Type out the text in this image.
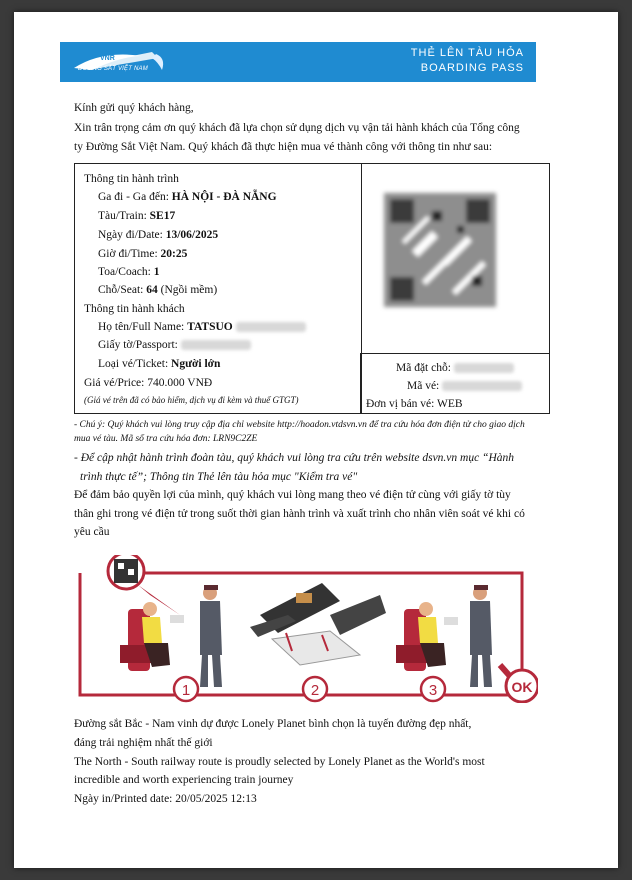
VNR
ĐƯỜNG SẮT VIỆT NAM
THẺ LÊN TÀU HỎA
BOARDING PASS
Kính gửi quý khách hàng,
Xin trân trọng cảm ơn quý khách đã lựa chọn sử dụng dịch vụ vận tải hành khách của Tổng công
ty Đường Sắt Việt Nam. Quý khách đã thực hiện mua vé thành công với thông tin như sau:
Thông tin hành trình
Ga đi - Ga đến: HÀ NỘI - ĐÀ NẴNG
Tàu/Train: SE17
Ngày đi/Date: 13/06/2025
Giờ đi/Time: 20:25
Toa/Coach: 1
Chỗ/Seat: 64 (Ngồi mềm)
Thông tin hành khách
Họ tên/Full Name: TATSUO
Giấy tờ/Passport:
Loại vé/Ticket: Người lớn
Giá vé/Price: 740.000 VNĐ
(Giá vé trên đã có bảo hiểm, dịch vụ đi kèm và thuế GTGT)
Mã đặt chỗ:
Mã vé:
Đơn vị bán vé: WEB
- Chú ý: Quý khách vui lòng truy cập địa chỉ website http://hoadon.vtdsvn.vn để tra cứu hóa đơn điện tử cho giao dịch
mua vé tàu. Mã số tra cứu hóa đơn: LRN9C2ZE
- Để cập nhật hành trình đoàn tàu, quý khách vui lòng tra cứu trên website dsvn.vn mục “Hành
trình thực tế”; Thông tin Thẻ lên tàu hỏa mục "Kiểm tra vé"
Để đảm bảo quyền lợi của mình, quý khách vui lòng mang theo vé điện tử cùng với giấy tờ tùy
thân ghi trong vé điện tử trong suốt thời gian hành trình và xuất trình cho nhân viên soát vé khi có
yêu cầu
1	2	3	OK
Đường sắt Bắc - Nam vinh dự được Lonely Planet bình chọn là tuyến đường đẹp nhất,
đáng trải nghiệm nhất thế giới
The North - South railway route is proudly selected by Lonely Planet as the World's most
incredible and worth experiencing train journey
Ngày in/Printed date: 20/05/2025 12:13
